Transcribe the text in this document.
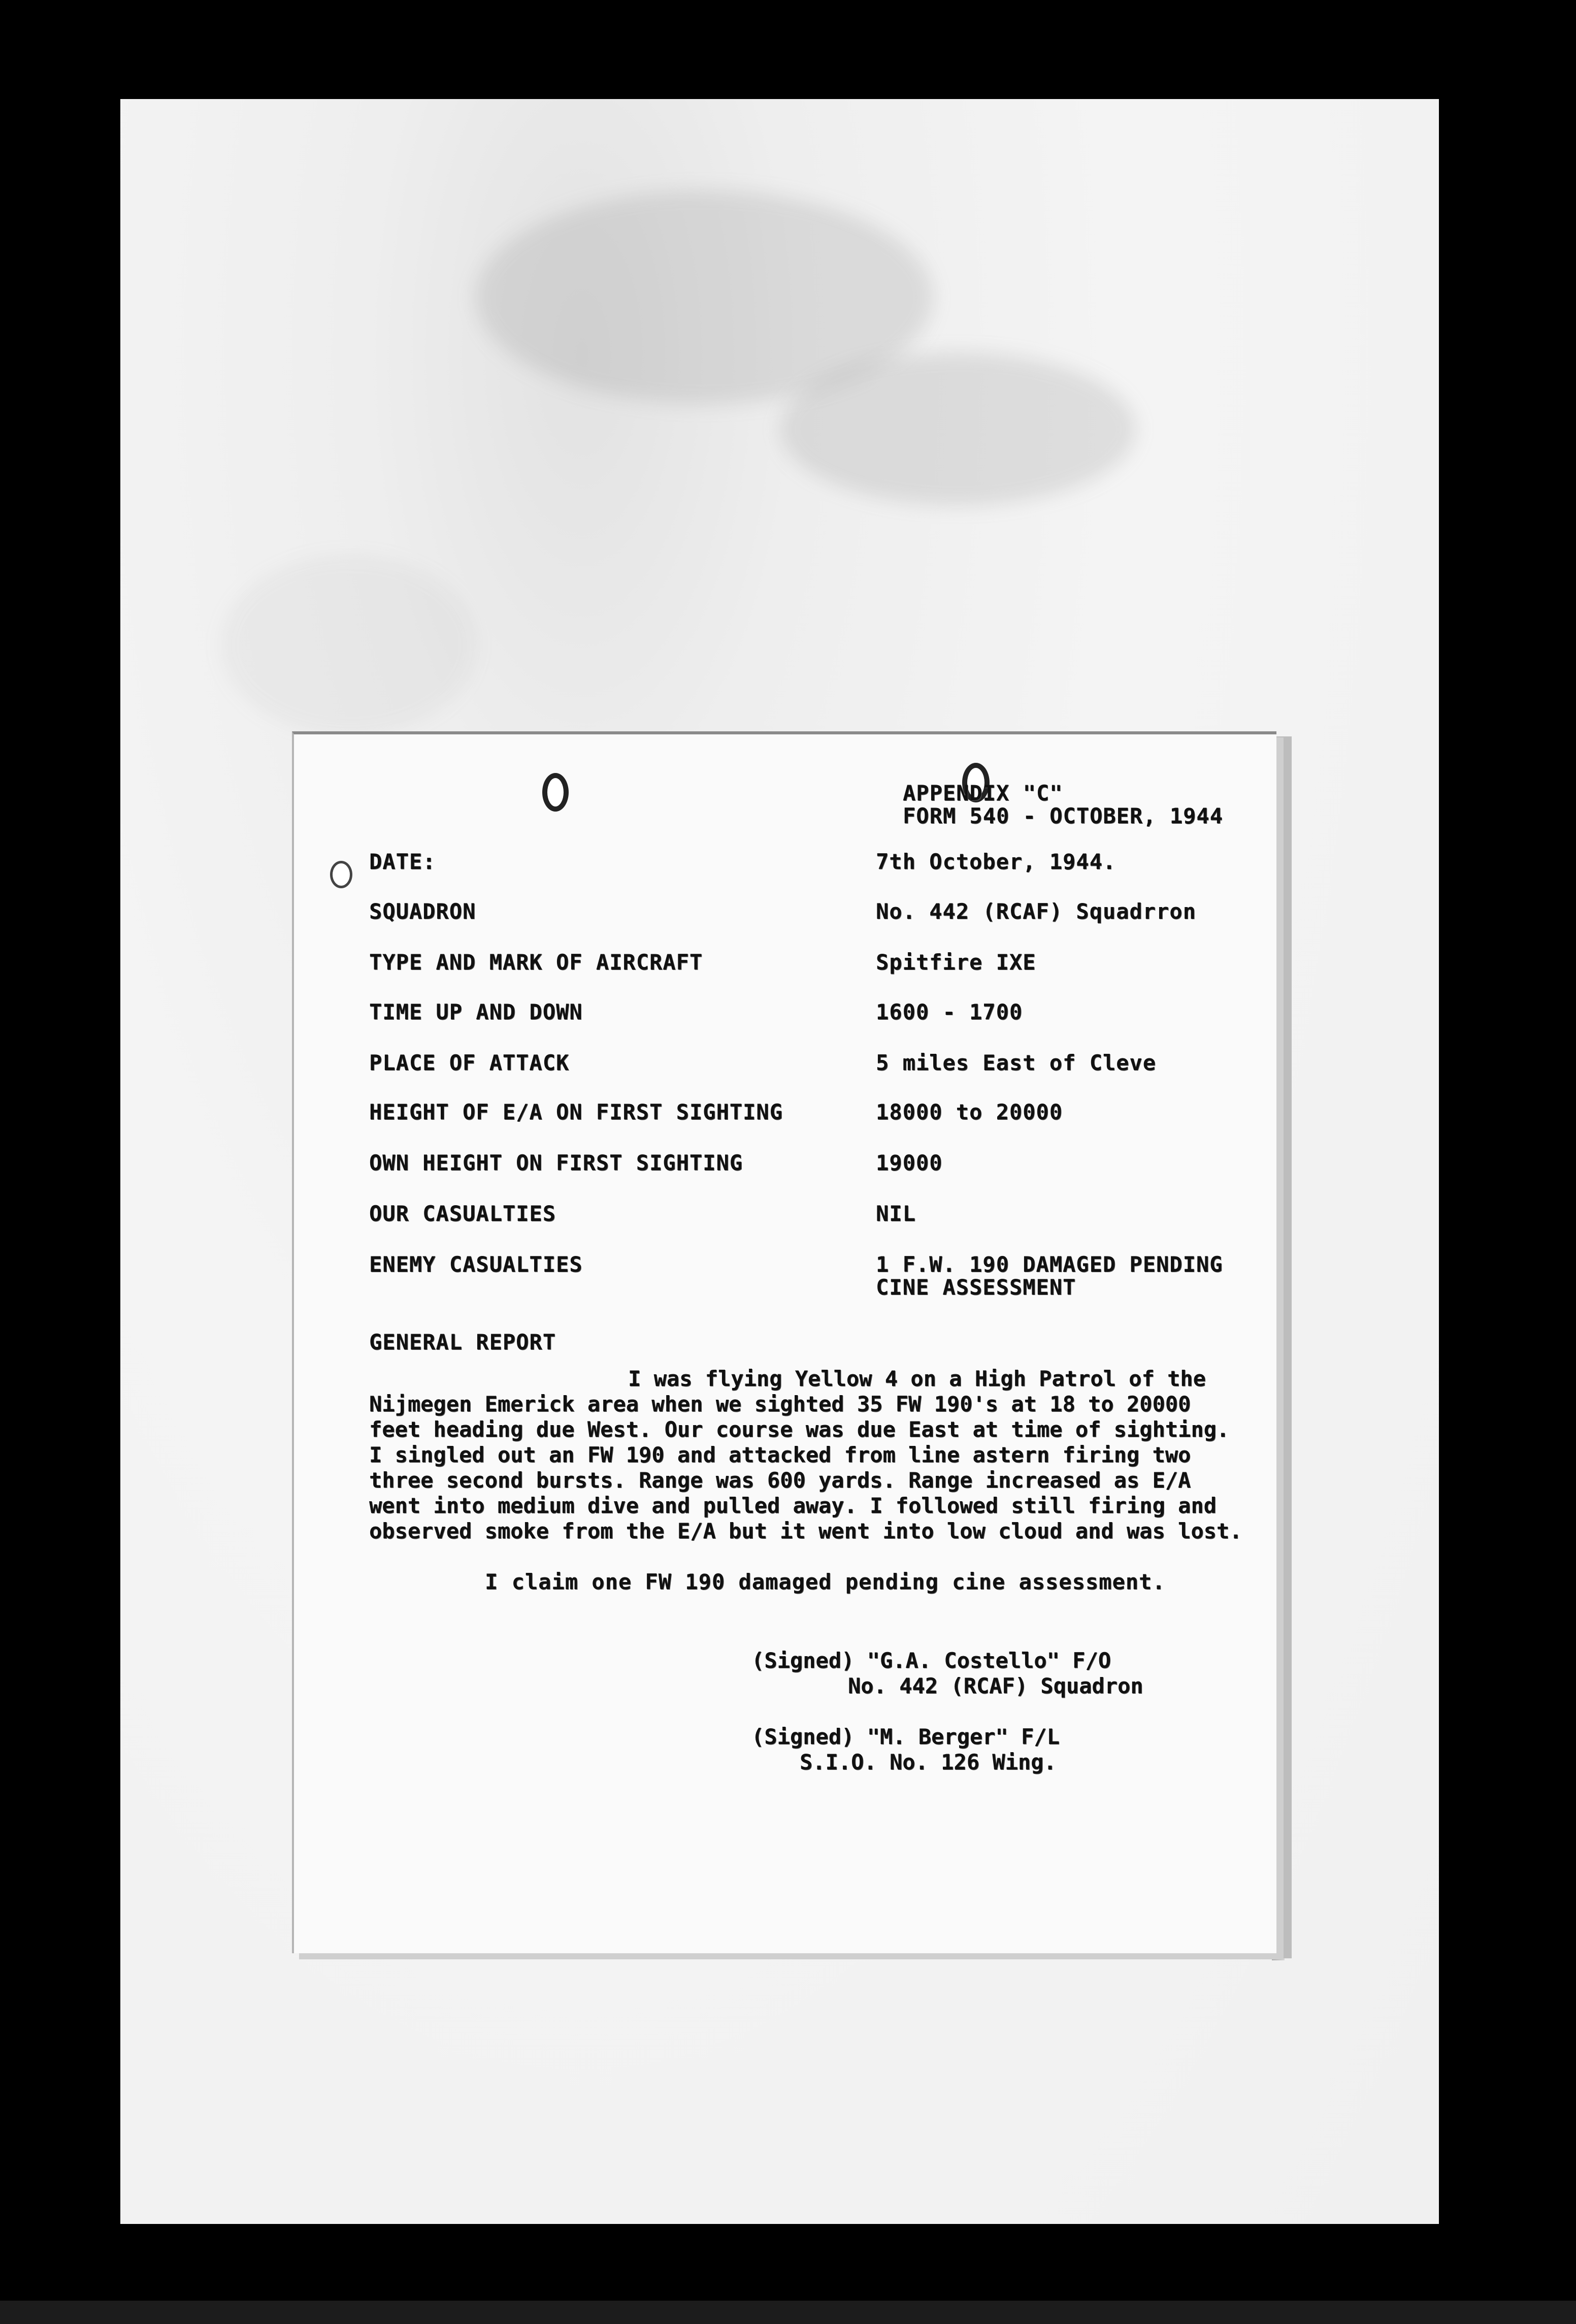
APPENDIX "C"
FORM 540 - OCTOBER, 1944
DATE:	7th October, 1944.
SQUADRON	No. 442 (RCAF) Squadrron
TYPE AND MARK OF AIRCRAFT	Spitfire IXE
TIME UP AND DOWN	1600 - 1700
PLACE OF ATTACK	5 miles East of Cleve
HEIGHT OF E/A ON FIRST SIGHTING	18000 to 20000
OWN HEIGHT ON FIRST SIGHTING	19000
OUR CASUALTIES	NIL
ENEMY CASUALTIES	1 F.W. 190 DAMAGED PENDING
CINE ASSESSMENT
GENERAL REPORT
I was flying Yellow 4 on a High Patrol of the Nijmegen Emerick area when we sighted 35 FW 190's at 18 to 20000 feet heading due West. Our course was due East at time of sighting. I singled out an FW 190 and attacked from line astern firing two three second bursts. Range was 600 yards. Range increased as E/A went into medium dive and pulled away. I followed still firing and observed smoke from the E/A but it went into low cloud and was lost.
I claim one FW 190 damaged pending cine assessment.
(Signed) "G.A. Costello" F/O
No. 442 (RCAF) Squadron
(Signed) "M. Berger" F/L
S.I.O. No. 126 Wing.
